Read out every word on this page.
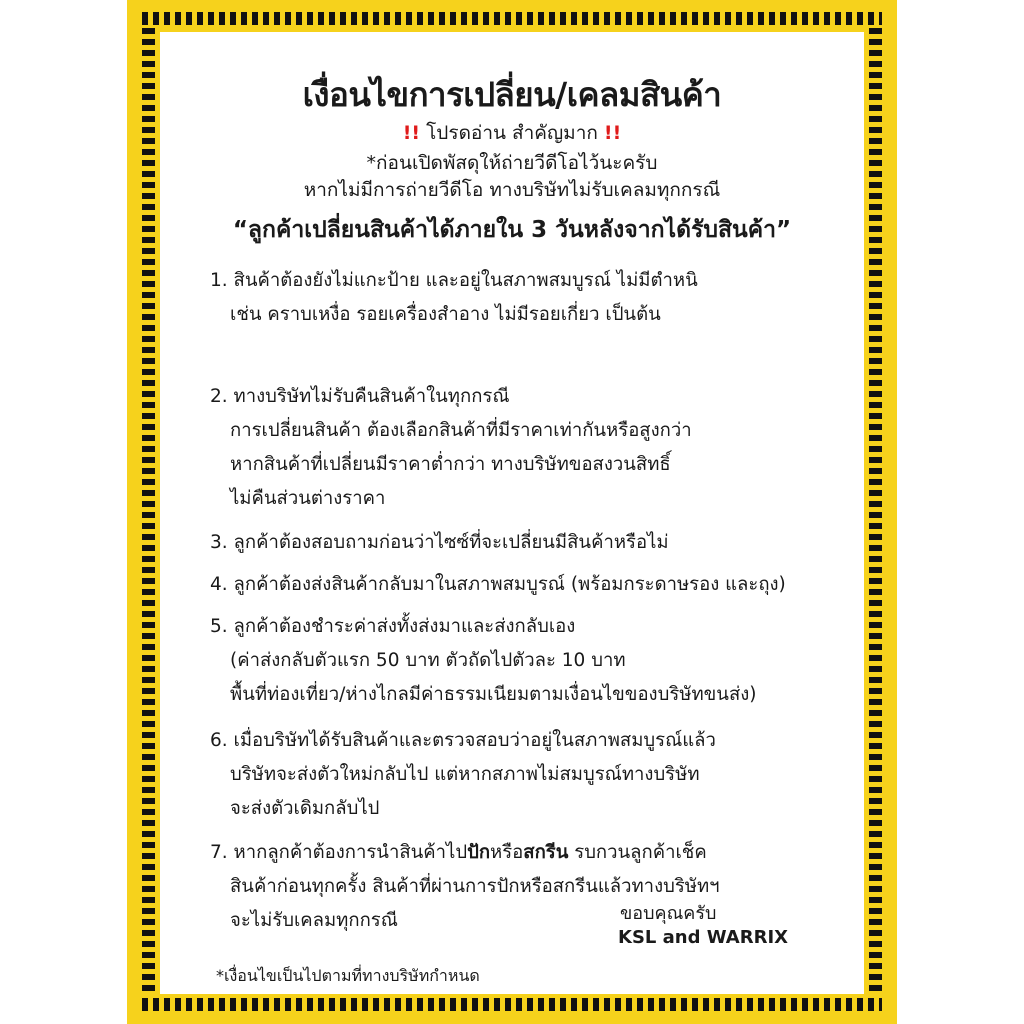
เงื่อนไขการเปลี่ยน/เคลมสินค้า
!! โปรดอ่าน สำคัญมาก !!
*ก่อนเปิดพัสดุให้ถ่ายวีดีโอไว้นะครับ
หากไม่มีการถ่ายวีดีโอ ทางบริษัทไม่รับเคลมทุกกรณี
“ลูกค้าเปลี่ยนสินค้าได้ภายใน 3 วันหลังจากได้รับสินค้า”
1. สินค้าต้องยังไม่แกะป้าย และอยู่ในสภาพสมบูรณ์ ไม่มีตำหนิ
เช่น คราบเหงื่อ รอยเครื่องสำอาง ไม่มีรอยเกี่ยว เป็นต้น
2. ทางบริษัทไม่รับคืนสินค้าในทุกกรณี
การเปลี่ยนสินค้า ต้องเลือกสินค้าที่มีราคาเท่ากันหรือสูงกว่า
หากสินค้าที่เปลี่ยนมีราคาต่ำกว่า ทางบริษัทขอสงวนสิทธิ์
ไม่คืนส่วนต่างราคา
3. ลูกค้าต้องสอบถามก่อนว่าไซซ์ที่จะเปลี่ยนมีสินค้าหรือไม่
4. ลูกค้าต้องส่งสินค้ากลับมาในสภาพสมบูรณ์ (พร้อมกระดาษรอง และถุง)
5. ลูกค้าต้องชำระค่าส่งทั้งส่งมาและส่งกลับเอง
(ค่าส่งกลับตัวแรก 50 บาท ตัวถัดไปตัวละ 10 บาท
พื้นที่ท่องเที่ยว/ห่างไกลมีค่าธรรมเนียมตามเงื่อนไขของบริษัทขนส่ง)
6. เมื่อบริษัทได้รับสินค้าและตรวจสอบว่าอยู่ในสภาพสมบูรณ์แล้ว
บริษัทจะส่งตัวใหม่กลับไป แต่หากสภาพไม่สมบูรณ์ทางบริษัท
จะส่งตัวเดิมกลับไป
7. หากลูกค้าต้องการนำสินค้าไปปักหรือสกรีน รบกวนลูกค้าเช็ค
สินค้าก่อนทุกครั้ง สินค้าที่ผ่านการปักหรือสกรีนแล้วทางบริษัทฯ
จะไม่รับเคลมทุกกรณี	ขอบคุณครับ
KSL and WARRIX
*เงื่อนไขเป็นไปตามที่ทางบริษัทกำหนด
